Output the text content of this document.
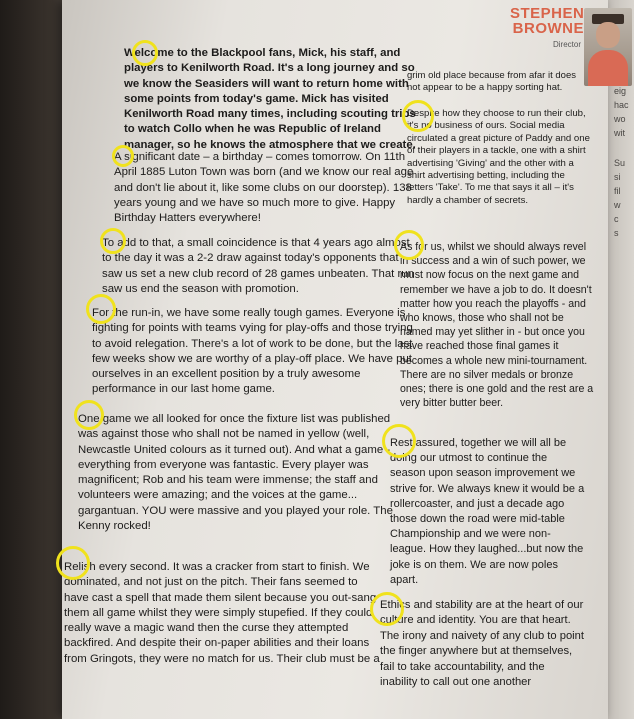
eig
hac
wo
wit
Su
si
fil
w
c
s
STEPHEN
BROWNE
Director

Welcome to the Blackpool fans, Mick, his staff, and players to Kenilworth Road. It's a long journey and so we know the Seasiders will want to return home with some points from today's game. Mick has visited Kenilworth Road many times, including scouting trips to watch Collo when he was Republic of Ireland manager, so he knows the atmosphere that we create.

A significant date – a birthday – comes tomorrow. On 11th April 1885 Luton Town was born (and we know our real age and don't lie about it, like some clubs on our doorstep). 138 years young and we have so much more to give. Happy Birthday Hatters everywhere!

To add to that, a small coincidence is that 4 years ago almost to the day it was a 2-2 draw against today's opponents that saw us set a new club record of 28 games unbeaten. That run saw us end the season with promotion.

For the run-in, we have some really tough games. Everyone is fighting for points with teams vying for play-offs and those trying to avoid relegation. There's a lot of work to be done, but the last few weeks show we are worthy of a play-off place. We have put ourselves in an excellent position by a truly awesome performance in our last home game.

One game we all looked for once the fixture list was published was against those who shall not be named in yellow (well, Newcastle United colours as it turned out). And what a game - everything from everyone was fantastic. Every player was magnificent; Rob and his team were immense; the staff and volunteers were amazing; and the voices at the game... gargantuan. YOU were massive and you played your role. The Kenny rocked!

Relish every second. It was a cracker from start to finish. We dominated, and not just on the pitch. Their fans seemed to have cast a spell that made them silent because you out-sang them all game whilst they were simply stupefied. If they could really wave a magic wand then the curse they attempted backfired. And despite their on-paper abilities and their loans from Gringots, they were no match for us. Their club must be a

grim old place because from afar it does not appear to be a happy sorting hat.

Despite how they choose to run their club, it's no business of ours. Social media circulated a great picture of Paddy and one of their players in a tackle, one with a shirt advertising 'Giving' and the other with a shirt advertising betting, including the letters 'Take'. To me that says it all – it's hardly a chamber of secrets.

As for us, whilst we should always revel in success and a win of such power, we must now focus on the next game and remember we have a job to do. It doesn't matter how you reach the playoffs - and who knows, those who shall not be named may yet slither in - but once you have reached those final games it becomes a whole new mini-tournament. There are no silver medals or bronze ones; there is one gold and the rest are a very bitter butter beer.

Rest assured, together we will all be doing our utmost to continue the season upon season improvement we strive for. We always knew it would be a rollercoaster, and just a decade ago those down the road were mid-table Championship and we were non-league. How they laughed...but now the joke is on them. We are now poles apart.

Ethics and stability are at the heart of our culture and identity. You are that heart. The irony and naivety of any club to point the finger anywhere but at themselves, fail to take accountability, and the inability to call out one another
